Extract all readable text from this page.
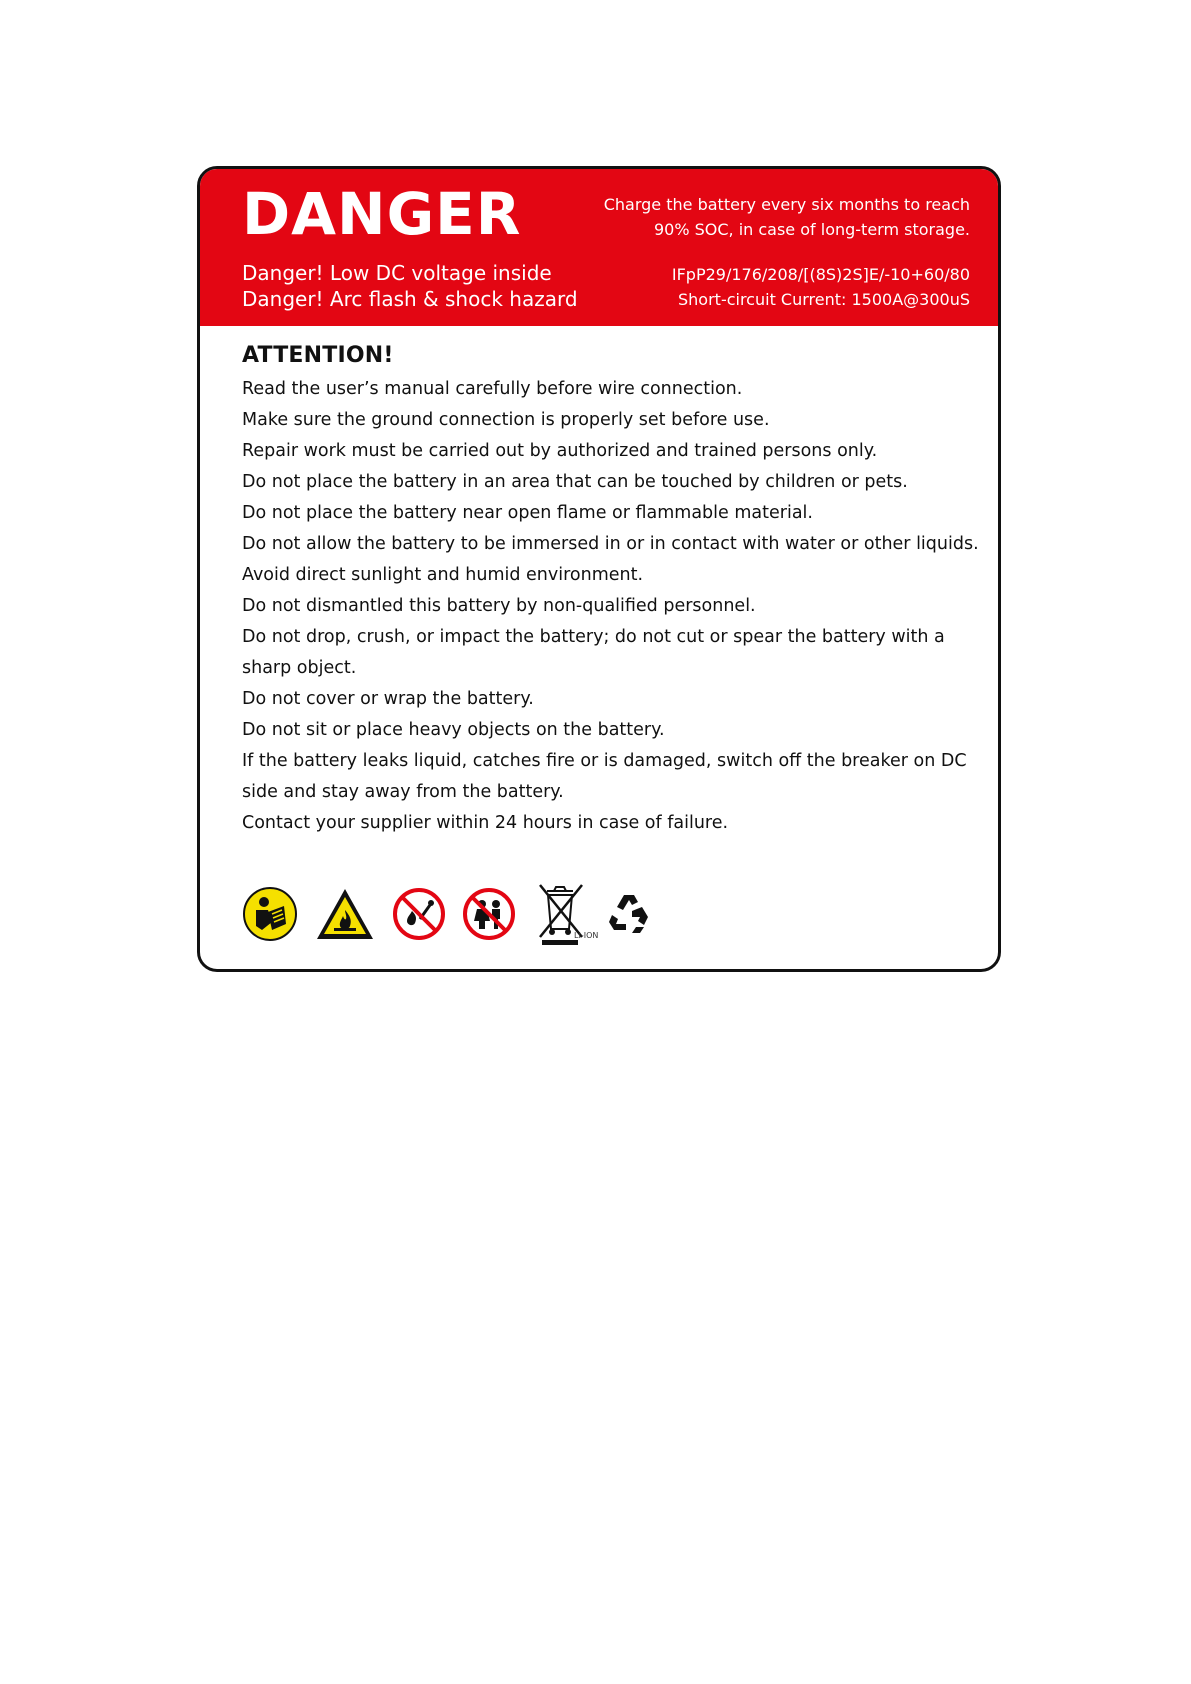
DANGER
Danger! Low DC voltage inside
Danger! Arc flash & shock hazard
Charge the battery every six months to reach
90% SOC, in case of long-term storage.
IFpP29/176/208/[(8S)2S]E/-10+60/80
Short-circuit Current: 1500A@300uS
ATTENTION!
Read the user’s manual carefully before wire connection.
Make sure the ground connection is properly set before use.
Repair work must be carried out by authorized and trained persons only.
Do not place the battery in an area that can be touched by children or pets.
Do not place the battery near open flame or flammable material.
Do not allow the battery to be immersed in or in contact with water or other liquids.
Avoid direct sunlight and humid environment.
Do not dismantled this battery by non-qualified personnel.
Do not drop, crush, or impact the battery; do not cut or spear the battery with a sharp object.
Do not cover or wrap the battery.
Do not sit or place heavy objects on the battery.
If the battery leaks liquid, catches fire or is damaged, switch off the breaker on DC side and stay away from the battery.
Contact your supplier within 24 hours in case of failure.
LI-ION
